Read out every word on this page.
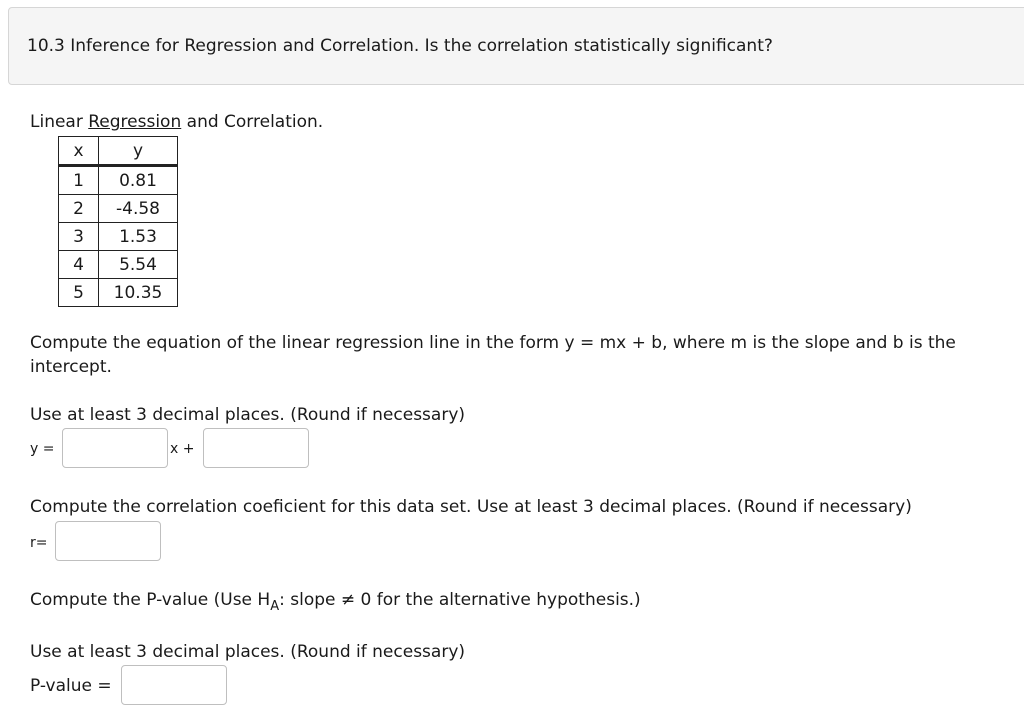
10.3 Inference for Regression and Correlation. Is the correlation statistically significant?
Linear Regression and Correlation.
x	y
1	0.81
2	-4.58
3	1.53
4	5.54
5	10.35
Compute the equation of the linear regression line in the form y = mx + b, where m is the slope and b is the
intercept.
Use at least 3 decimal places. (Round if necessary)
y =	x +
Compute the correlation coeficient for this data set. Use at least 3 decimal places. (Round if necessary)
r=
Compute the P-value (Use $H_A$: slope ≠ 0 for the alternative hypothesis.)
Use at least 3 decimal places. (Round if necessary)
P-value =
